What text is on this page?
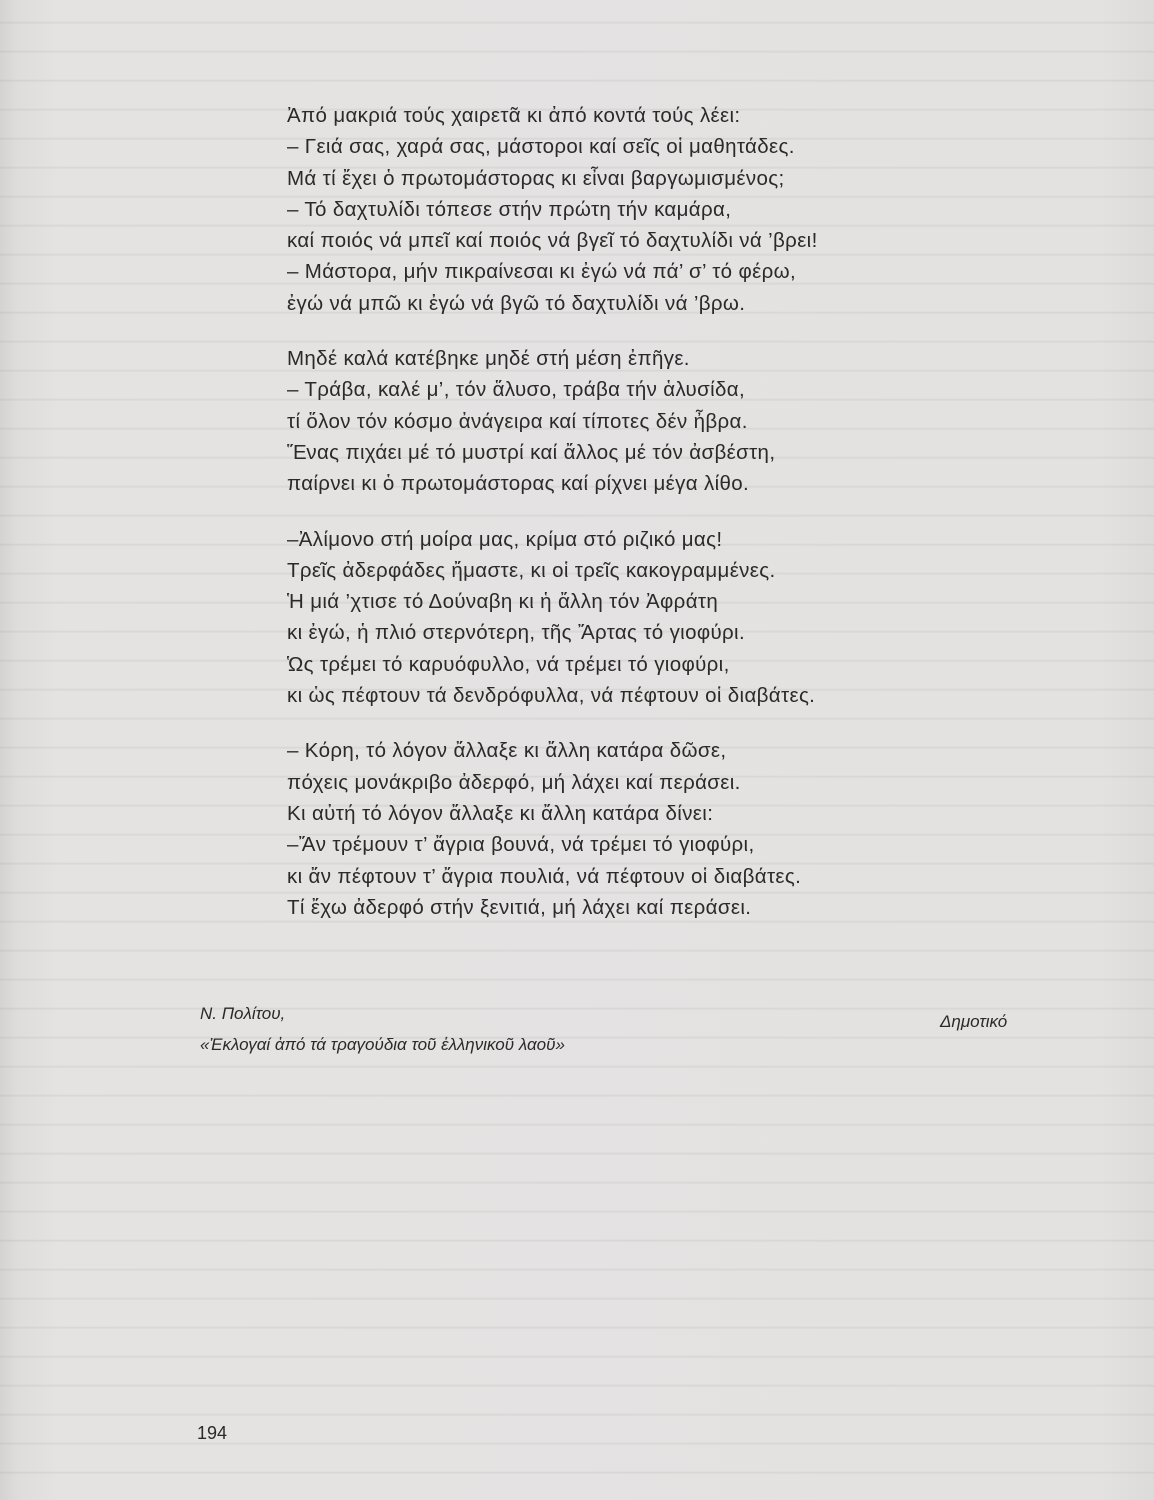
Ἀπό μακριά τούς χαιρετᾶ κι ἀπό κοντά τούς λέει:
– Γειά σας, χαρά σας, μάστοροι καί σεῖς οἱ μαθητάδες.
Μά τί ἔχει ὁ πρωτομάστορας κι εἶναι βαργωμισμένος;
– Τό δαχτυλίδι τόπεσε στήν πρώτη τήν καμάρα,
καί ποιός νά μπεῖ καί ποιός νά βγεῖ τό δαχτυλίδι νά ’βρει!
– Μάστορα, μήν πικραίνεσαι κι ἐγώ νά πά’ σ’ τό φέρω,
ἐγώ νά μπῶ κι ἐγώ νά βγῶ τό δαχτυλίδι νά ’βρω.
Μηδέ καλά κατέβηκε μηδέ στή μέση ἐπῆγε.
– Τράβα, καλέ μ’, τόν ἅλυσο, τράβα τήν ἁλυσίδα,
τί ὅλον τόν κόσμο ἀνάγειρα καί τίποτες δέν ἦβρα.
Ἕνας πιχάει μέ τό μυστρί καί ἄλλος μέ τόν ἀσβέστη,
παίρνει κι ὁ πρωτομάστορας καί ρίχνει μέγα λίθο.
–Ἀλίμονο στή μοίρα μας, κρίμα στό ριζικό μας!
Τρεῖς ἀδερφάδες ἤμαστε, κι οἱ τρεῖς κακογραμμένες.
Ἡ μιά ’χτισε τό Δούναβη κι ἡ ἄλλη τόν Ἀφράτη
κι ἐγώ, ἡ πλιό στερνότερη, τῆς Ἄρτας τό γιοφύρι.
Ὡς τρέμει τό καρυόφυλλο, νά τρέμει τό γιοφύρι,
κι ὡς πέφτουν τά δενδρόφυλλα, νά πέφτουν οἱ διαβάτες.
– Κόρη, τό λόγον ἄλλαξε κι ἄλλη κατάρα δῶσε,
πόχεις μονάκριβο ἀδερφό, μή λάχει καί περάσει.
Κι αὐτή τό λόγον ἄλλαξε κι ἄλλη κατάρα δίνει:
–Ἄν τρέμουν τ’ ἄγρια βουνά, νά τρέμει τό γιοφύρι,
κι ἄν πέφτουν τ’ ἄγρια πουλιά, νά πέφτουν οἱ διαβάτες.
Τί ἔχω ἀδερφό στήν ξενιτιά, μή λάχει καί περάσει.
Ν. Πολίτου,
«Ἐκλογαί ἀπό τά τραγούδια τοῦ ἑλληνικοῦ λαοῦ»
Δημοτικό
194
